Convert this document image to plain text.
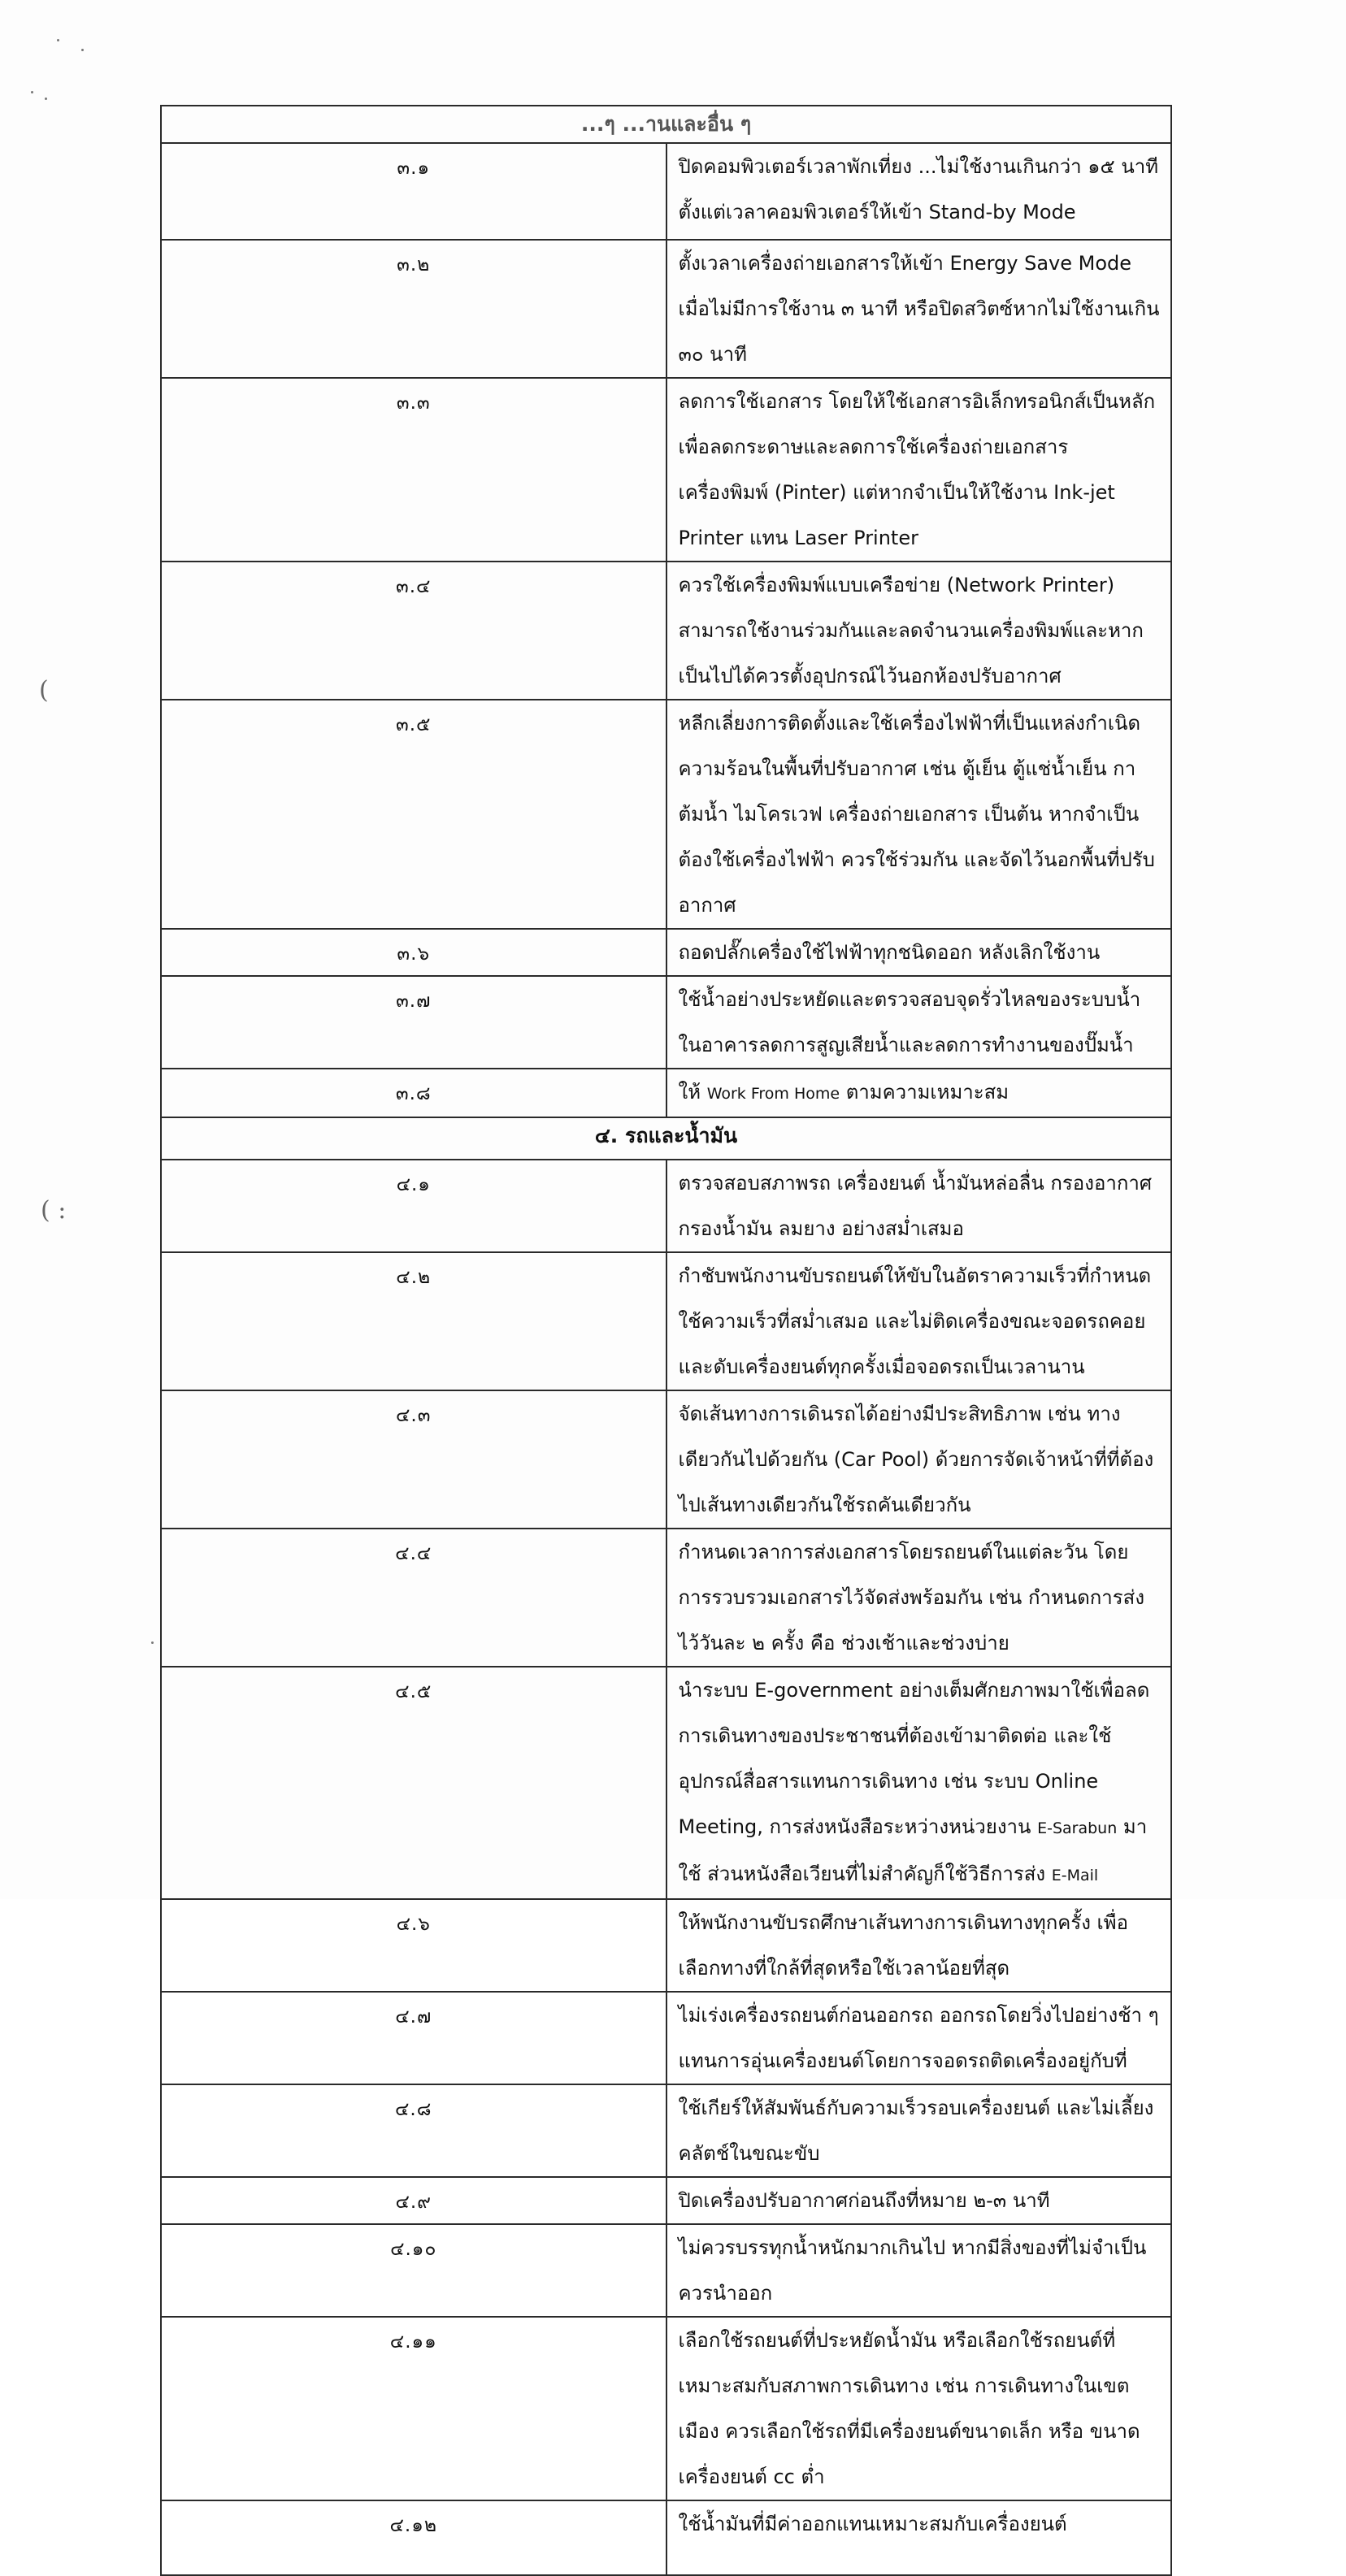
(
( :
...ๆ ...านและอื่น ๆ	
๓.๑	ปิดคอมพิวเตอร์เวลาพักเที่ยง ...ไม่ใช้งานเกินกว่า ๑๕ นาที ตั้งแต่เวลาคอมพิวเตอร์ให้เข้า Stand-by Mode
๓.๒	ตั้งเวลาเครื่องถ่ายเอกสารให้เข้า Energy Save Mode เมื่อไม่มีการใช้งาน ๓ นาที หรือปิดสวิตซ์หากไม่ใช้งานเกิน ๓๐ นาที
๓.๓	ลดการใช้เอกสาร โดยให้ใช้เอกสารอิเล็กทรอนิกส์เป็นหลัก เพื่อลดกระดาษและลดการใช้เครื่องถ่ายเอกสาร เครื่องพิมพ์ (Pinter) แต่หากจำเป็นให้ใช้งาน Ink-jet Printer แทน Laser Printer
๓.๔	ควรใช้เครื่องพิมพ์แบบเครือข่าย (Network Printer) สามารถใช้งานร่วมกันและลดจำนวนเครื่องพิมพ์และหากเป็นไปได้ควรตั้งอุปกรณ์ไว้นอกห้องปรับอากาศ
๓.๕	หลีกเลี่ยงการติดตั้งและใช้เครื่องไฟฟ้าที่เป็นแหล่งกำเนิดความร้อนในพื้นที่ปรับอากาศ เช่น ตู้เย็น ตู้แช่น้ำเย็น กาต้มน้ำ ไมโครเวฟ เครื่องถ่ายเอกสาร เป็นต้น หากจำเป็นต้องใช้เครื่องไฟฟ้า ควรใช้ร่วมกัน และจัดไว้นอกพื้นที่ปรับอากาศ
๓.๖	ถอดปลั๊กเครื่องใช้ไฟฟ้าทุกชนิดออก หลังเลิกใช้งาน
๓.๗	ใช้น้ำอย่างประหยัดและตรวจสอบจุดรั่วไหลของระบบน้ำในอาคารลดการสูญเสียน้ำและลดการทำงานของปั๊มน้ำ
๓.๘	ให้ Work From Home ตามความเหมาะสม
๔. รถและน้ำมัน	
๔.๑	ตรวจสอบสภาพรถ เครื่องยนต์ น้ำมันหล่อลื่น กรองอากาศ กรองน้ำมัน ลมยาง อย่างสม่ำเสมอ
๔.๒	กำชับพนักงานขับรถยนต์ให้ขับในอัตราความเร็วที่กำหนด ใช้ความเร็วที่สม่ำเสมอ และไม่ติดเครื่องขณะจอดรถคอย และดับเครื่องยนต์ทุกครั้งเมื่อจอดรถเป็นเวลานาน
๔.๓	จัดเส้นทางการเดินรถได้อย่างมีประสิทธิภาพ เช่น ทางเดียวกันไปด้วยกัน (Car Pool) ด้วยการจัดเจ้าหน้าที่ที่ต้องไปเส้นทางเดียวกันใช้รถคันเดียวกัน
๔.๔	กำหนดเวลาการส่งเอกสารโดยรถยนต์ในแต่ละวัน โดยการรวบรวมเอกสารไว้จัดส่งพร้อมกัน เช่น กำหนดการส่งไว้วันละ ๒ ครั้ง คือ ช่วงเช้าและช่วงบ่าย
๔.๕	นำระบบ E-government อย่างเต็มศักยภาพมาใช้เพื่อลดการเดินทางของประชาชนที่ต้องเข้ามาติดต่อ และใช้อุปกรณ์สื่อสารแทนการเดินทาง เช่น ระบบ Online Meeting, การส่งหนังสือระหว่างหน่วยงาน E-Sarabun มาใช้ ส่วนหนังสือเวียนที่ไม่สำคัญก็ใช้วิธีการส่ง E-Mail
๔.๖	ให้พนักงานขับรถศึกษาเส้นทางการเดินทางทุกครั้ง เพื่อเลือกทางที่ใกล้ที่สุดหรือใช้เวลาน้อยที่สุด
๔.๗	ไม่เร่งเครื่องรถยนต์ก่อนออกรถ ออกรถโดยวิ่งไปอย่างช้า ๆ แทนการอุ่นเครื่องยนต์โดยการจอดรถติดเครื่องอยู่กับที่
๔.๘	ใช้เกียร์ให้สัมพันธ์กับความเร็วรอบเครื่องยนต์ และไม่เลี้ยงคลัตช์ในขณะขับ
๔.๙	ปิดเครื่องปรับอากาศก่อนถึงที่หมาย ๒-๓ นาที
๔.๑๐	ไม่ควรบรรทุกน้ำหนักมากเกินไป หากมีสิ่งของที่ไม่จำเป็น ควรนำออก
๔.๑๑	เลือกใช้รถยนต์ที่ประหยัดน้ำมัน หรือเลือกใช้รถยนต์ที่เหมาะสมกับสภาพการเดินทาง เช่น การเดินทางในเขตเมือง ควรเลือกใช้รถที่มีเครื่องยนต์ขนาดเล็ก หรือ ขนาดเครื่องยนต์ cc ต่ำ
๔.๑๒	ใช้น้ำมันที่มีค่าออกแทนเหมาะสมกับเครื่องยนต์
